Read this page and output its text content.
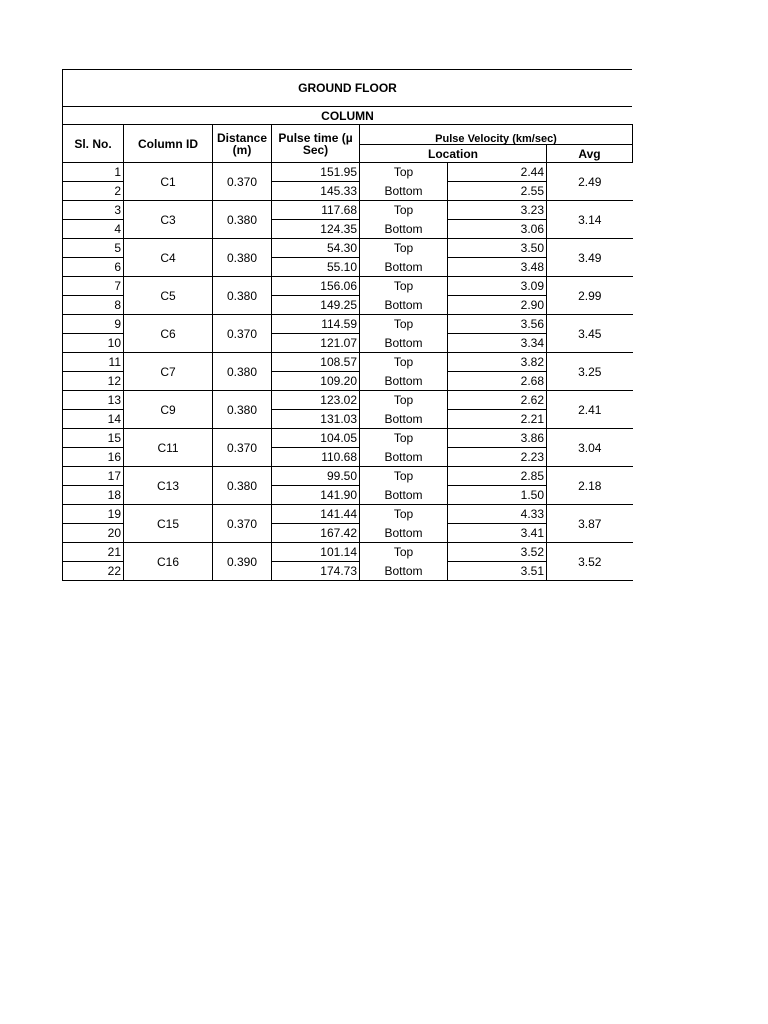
GROUND FLOOR
COLUMN
Sl. No.	Column ID	Distance (m)	Pulse time (µ Sec)	Pulse Velocity (km/sec)		
				Location		Avg
1	C1	0.370	151.95	Top	2.44	2.49
2			145.33	Bottom	2.55	
3	C3	0.380	117.68	Top	3.23	3.14
4			124.35	Bottom	3.06	
5	C4	0.380	54.30	Top	3.50	3.49
6			55.10	Bottom	3.48	
7	C5	0.380	156.06	Top	3.09	2.99
8			149.25	Bottom	2.90	
9	C6	0.370	114.59	Top	3.56	3.45
10			121.07	Bottom	3.34	
11	C7	0.380	108.57	Top	3.82	3.25
12			109.20	Bottom	2.68	
13	C9	0.380	123.02	Top	2.62	2.41
14			131.03	Bottom	2.21	
15	C11	0.370	104.05	Top	3.86	3.04
16			110.68	Bottom	2.23	
17	C13	0.380	99.50	Top	2.85	2.18
18			141.90	Bottom	1.50	
19	C15	0.370	141.44	Top	4.33	3.87
20			167.42	Bottom	3.41	
21	C16	0.390	101.14	Top	3.52	3.52
22			174.73	Bottom	3.51	
